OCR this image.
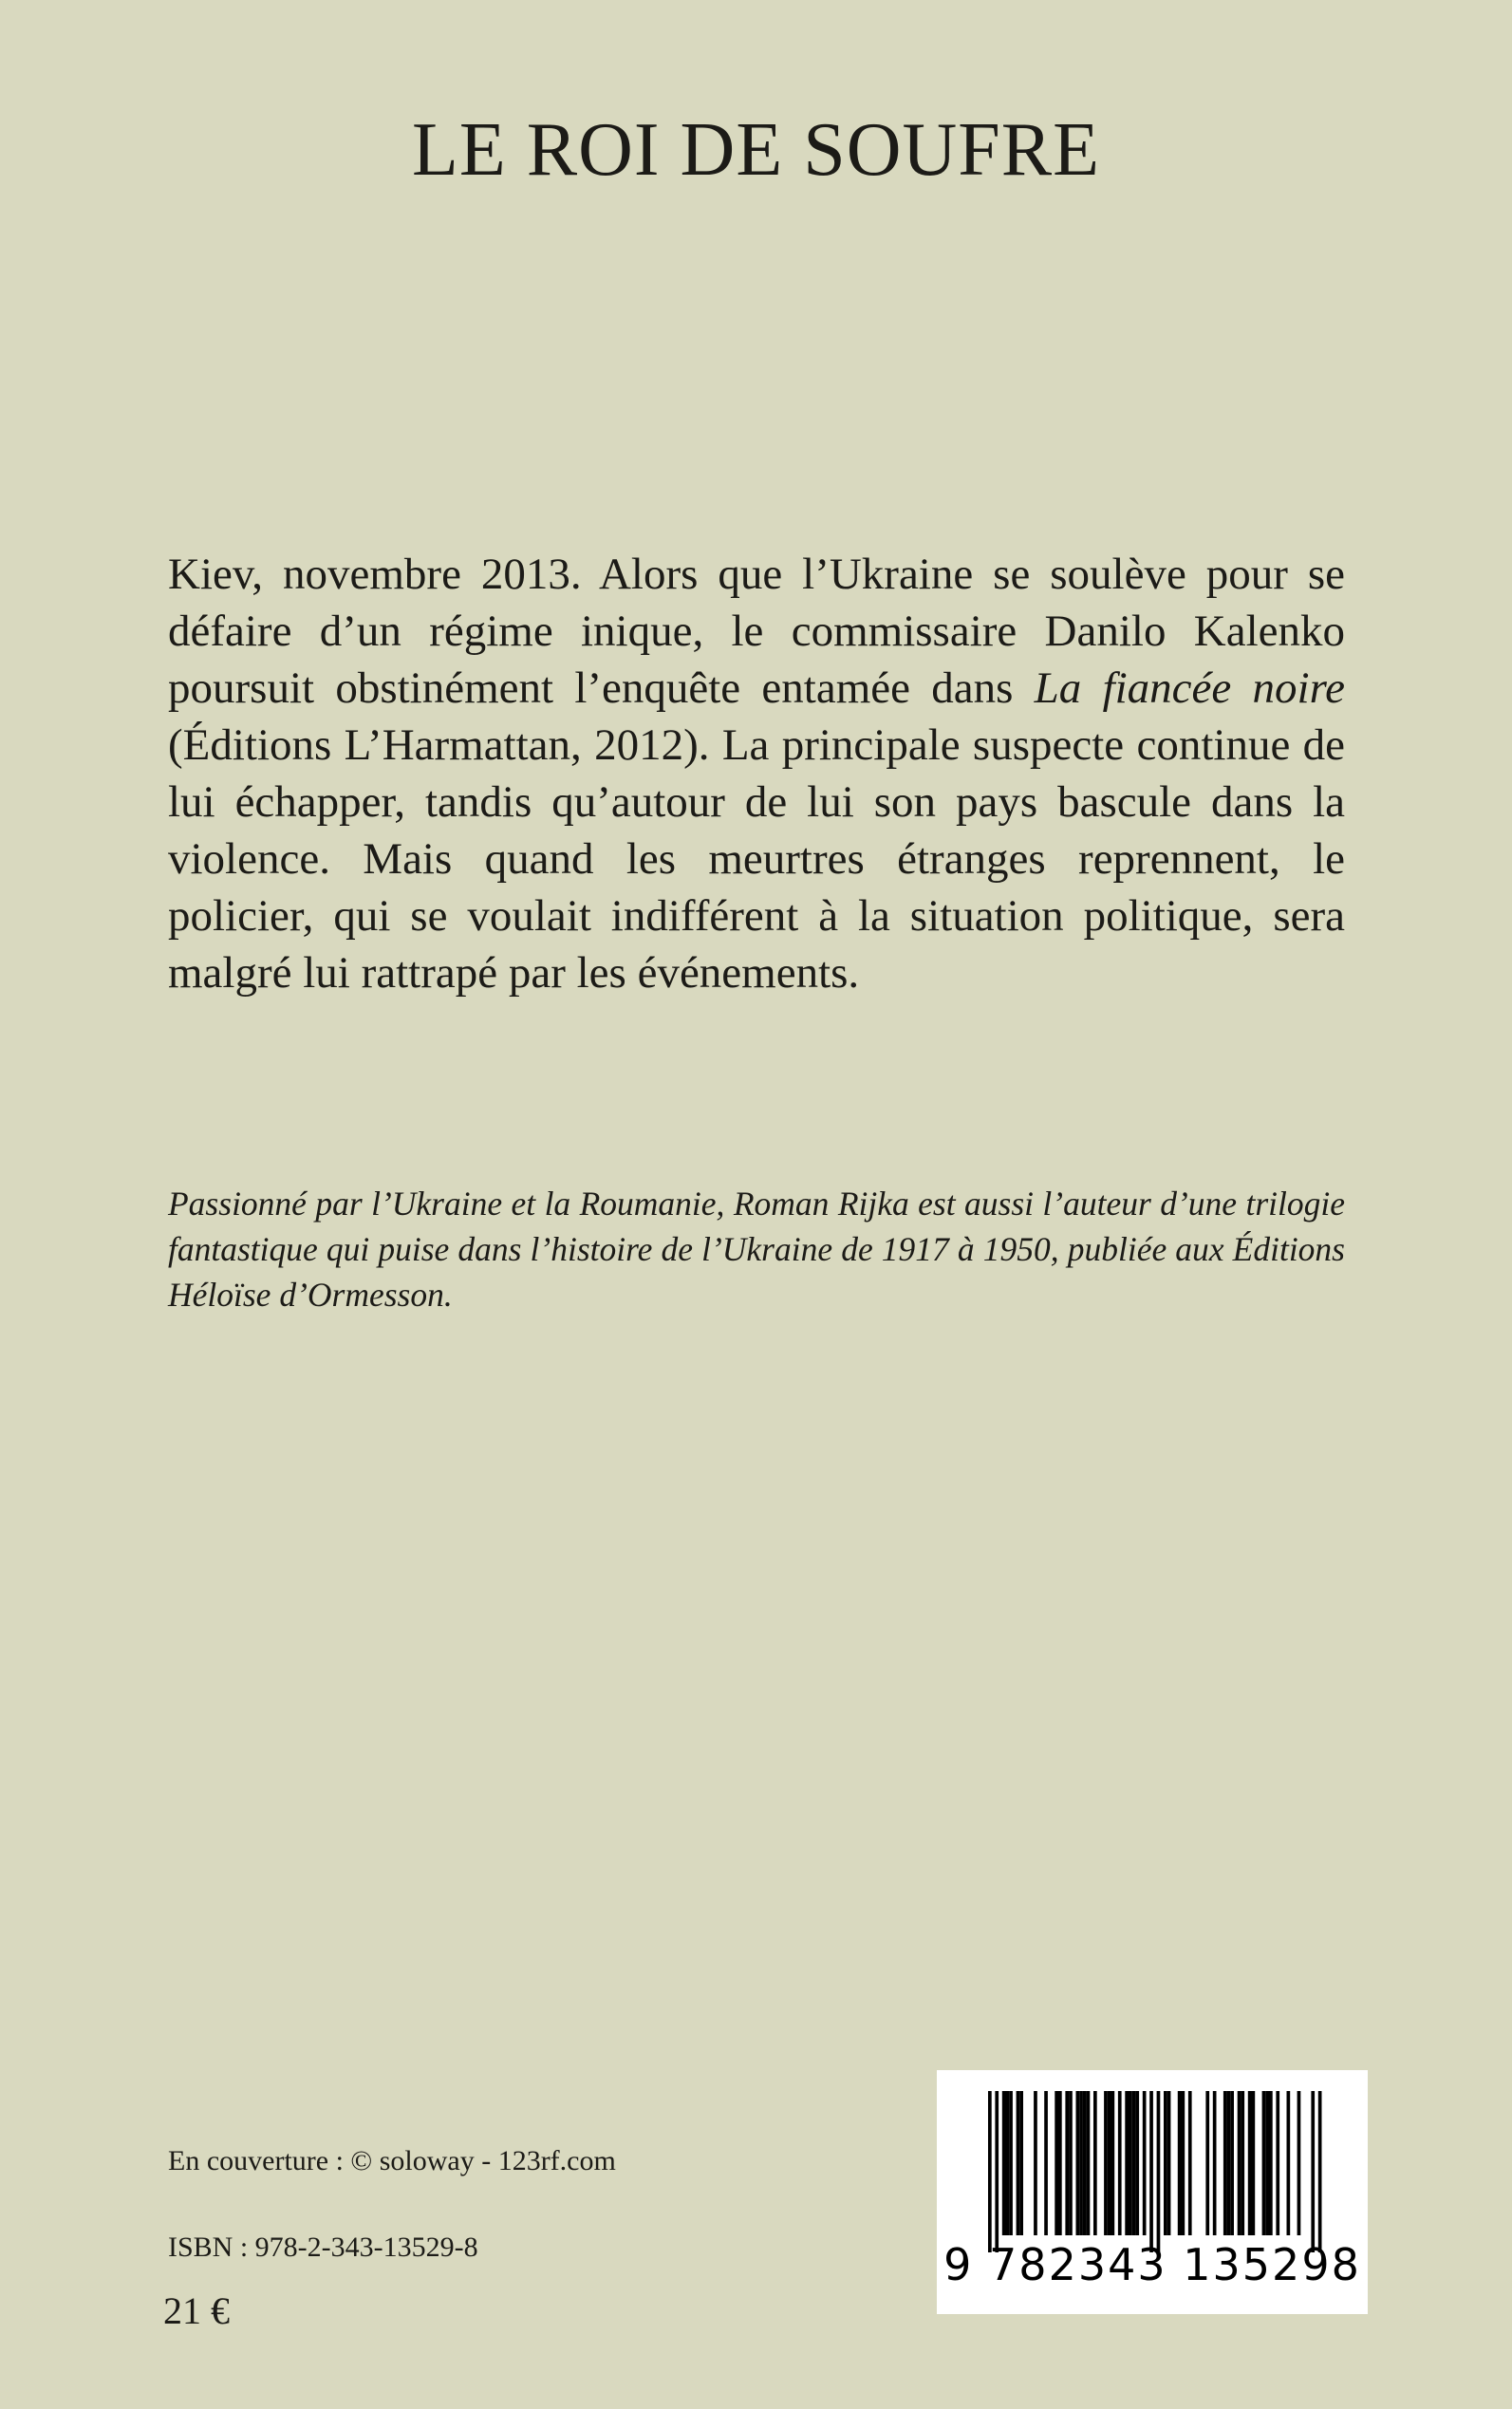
LE ROI DE SOUFRE

Kiev, novembre 2013. Alors que l’Ukraine se soulève pour se défaire d’un régime inique, le commissaire Danilo Kalenko poursuit obstinément l’enquête entamée dans La fiancée noire (Éditions L’Harmattan, 2012). La principale suspecte continue de lui échapper, tandis qu’autour de lui son pays bascule dans la violence. Mais quand les meurtres étranges reprennent, le policier, qui se voulait indifférent à la situation politique, sera malgré lui rattrapé par les événements.

Passionné par l’Ukraine et la Roumanie, Roman Rijka est aussi l’auteur d’une trilogie fantastique qui puise dans l’histoire de l’Ukraine de 1917 à 1950, publiée aux Éditions Héloïse d’Ormesson.

En couverture : © soloway - 123rf.com

ISBN : 978-2-343-13529-8

21 €

9 782343 135298
